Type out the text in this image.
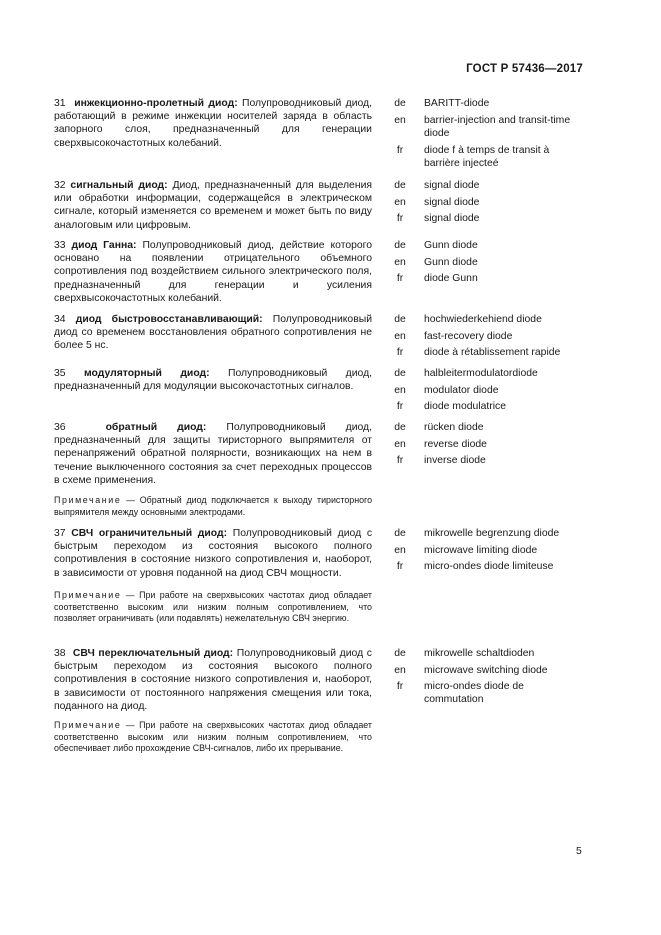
ГОСТ Р 57436—2017
31 инжекционно-пролетный диод: Полупроводниковый диод, работающий в режиме инжекции носителей заряда в область запорного слоя, предназначенный для генерации сверхвысокочастотных колебаний.
de	BARITT-diode
en	barrier-injection and transit-time diode
fr	diode f à temps de transit à barrière injecteé
32 сигнальный диод: Диод, предназначенный для выделения или обработки информации, содержащейся в электрическом сигнале, который изменяется со временем и может быть по виду аналоговым или цифровым.
de	signal diode
en	signal diode
fr	signal diode
33 диод Ганна: Полупроводниковый диод, действие которого основано на появлении отрицательного объемного сопротивления под воздействием сильного электрического поля, предназначенный для генерации и усиления сверхвысокочастотных колебаний.
de	Gunn diode
en	Gunn diode
fr	diode Gunn
34 диод быстровосстанавливающий: Полупроводниковый диод со временем восстановления обратного сопротивления не более 5 нс.
de	hochwiederkehiend diode
en	fast-recovery diode
fr	diode à rétablissement rapide
35 модуляторный диод: Полупроводниковый диод, предназначенный для модуляции высокочастотных сигналов.
de	halbleitermodulatordiode
en	modulator diode
fr	diode modulatrice
36	обратный диод: Полупроводниковый диод, предназначенный для защиты тиристорного выпрямителя от перенапряжений обратной полярности, возникающих на нем в течение выключенного состояния за счет переходных процессов в схеме применения.
de	rücken diode
en	reverse diode
fr	inverse diode
Примечание — Обратный диод подключается к выходу тиристорного выпрямителя между основными электродами.
37 СВЧ ограничительный диод: Полупроводниковый диод с быстрым переходом из состояния высокого полного сопротивления в состояние низкого сопротивления и, наоборот, в зависимости от уровня поданной на диод СВЧ мощности.
de	mikrowelle begrenzung diode
en	microwave limiting diode
fr	micro-ondes diode limiteuse
Примечание — При работе на сверхвысоких частотах диод обладает соответственно высоким или низким полным сопротивлением, что позволяет ограничивать (или подавлять) нежелательную СВЧ энергию.
38 СВЧ переключательный диод: Полупроводниковый диод с быстрым переходом из состояния высокого полного сопротивления в состояние низкого сопротивления и, наоборот, в зависимости от постоянного напряжения смещения или тока, поданного на диод.
de	mikrowelle schaltdioden
en	microwave switching diode
fr	micro-ondes diode de commutation
Примечание — При работе на сверхвысоких частотах диод обладает соответственно высоким или низким полным сопротивлением, что обеспечивает либо прохождение СВЧ-сигналов, либо их прерывание.
5
